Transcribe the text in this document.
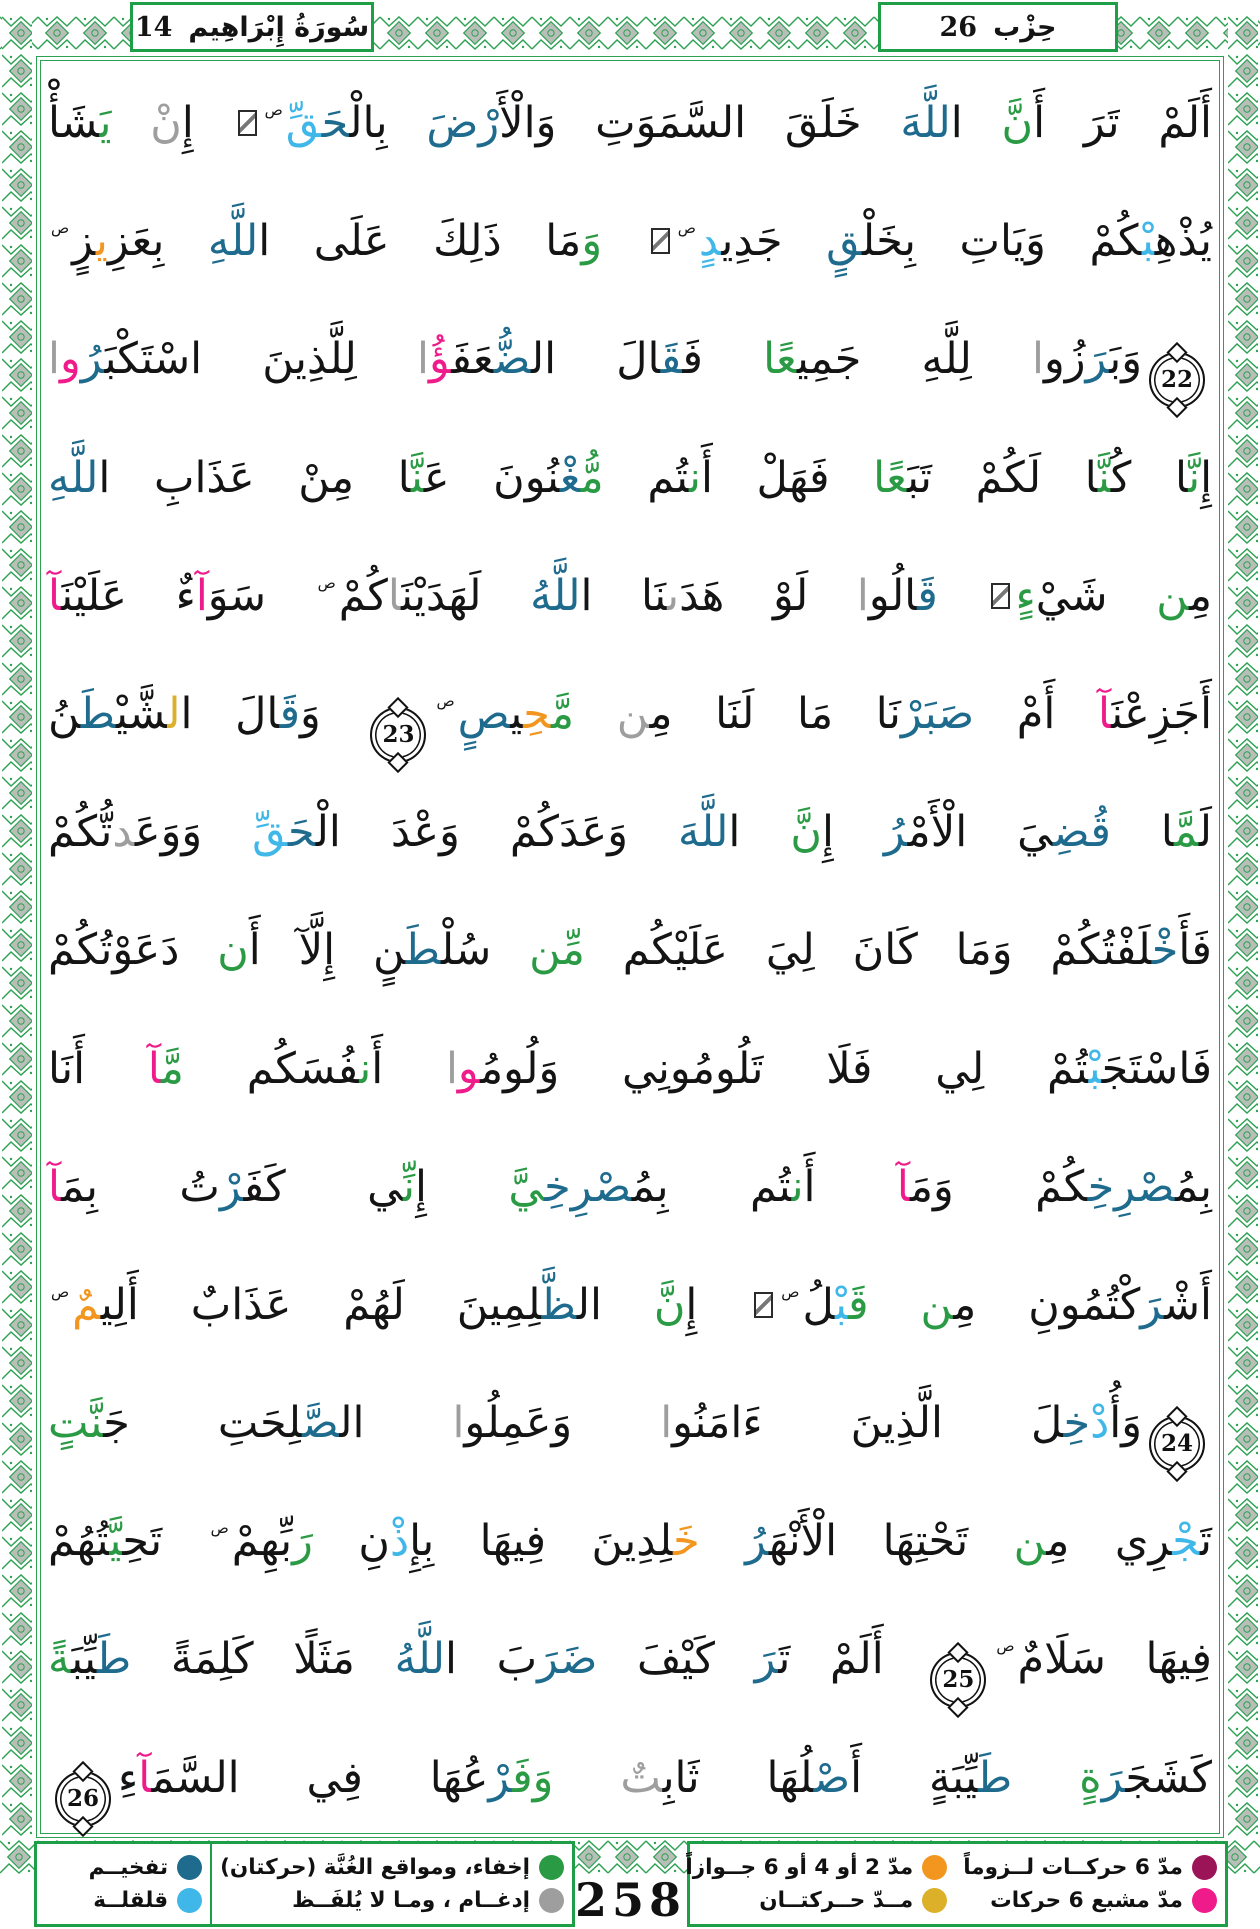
سُورَةُ إِبْرَاهِيم
14	حِزْب
26
أَلَمْ تَرَ أَنَّ اللَّهَ خَلَقَ السَّمَوَتِ وَالْأَرْضَ بِالْحَقِّص إِنْ يَشَأْ
يُذْهِبْكُمْ وَيَاتِ بِخَلْقٍ جَدِيدٍص وَمَا ذَلِكَ عَلَى اللَّهِ بِعَزِيزٍص
22وَبَرَزُوا لِلَّهِ جَمِيعًا فَقَالَ الضُّعَفَؤُا لِلَّذِينَ اسْتَكْبَرُوا
إِنَّا كُنَّا لَكُمْ تَبَعًا فَهَلْ أَنتُم مُّغْنُونَ عَنَّا مِنْ عَذَابِ اللَّهِ
مِن شَيْءٍ قَالُوا لَوْ هَدَىنَا اللَّهُ لَهَدَيْنَاكُمْص سَوَآءٌ عَلَيْنَآ
أَجَزِعْنَآ أَمْ صَبَرْنَا مَا لَنَا مِن مَّحِيصٍص23 وَقَالَ الشَّيْطَنُ
لَمَّا قُضِيَ الْأَمْرُ إِنَّ اللَّهَ وَعَدَكُمْ وَعْدَ الْحَقِّ وَوَعَدتُّكُمْ
فَأَخْلَفْتُكُمْ وَمَا كَانَ لِيَ عَلَيْكُم مِّن سُلْطَنٍ إِلَّ أَن دَعَوْتُكُمْ
فَاسْتَجَبْتُمْ لِي فَلَا تَلُومُونِي وَلُومُوا أَنفُسَكُم مَّآ أَنَا
بِمُصْرِخِكُمْ وَمَآ أَنتُم بِمُصْرِخِيَّ إِنِّي كَفَرْتُ بِمَآ
أَشْرَكْتُمُونِ مِن قَبْلُص إِنَّ الظَّلِمِينَ لَهُمْ عَذَابٌ أَلِيمٌص
24وَأُدْخِلَ الَّذِينَ ءَامَنُوا وَعَمِلُوا الصَّلِحَتِ جَنَّتٍ
تَجْرِي مِن تَحْتِهَا الْأَنْهَرُ خَلِدِينَ فِيهَا بِإِذْنِ رَبِّهِمْص تَحِيَّتُهُمْ
فِيهَا سَلَمٌص25 أَلَمْ تَرَ كَيْفَ ضَرَبَ اللَّهُ مَثَلً كَلِمَةً طَيِّبَةً
كَشَجَرَةٍ طَيِّبَةٍ أَصْلُهَا ثَابِتٌ وَفَرْعُهَا فِي السَّمَآءِ26
إخفاء، ومواقع الغُنَّة (حركتان)
إدغــام ، ومـا لا يُلفَــظ
تفخيــم
قلقلــة	258
مدّ 6 حركــات لــزوماً
مدّ مشبع 6 حركات
مدّ 2 أو 4 أو 6 جــوازاً
مــدّ حــركتــان
